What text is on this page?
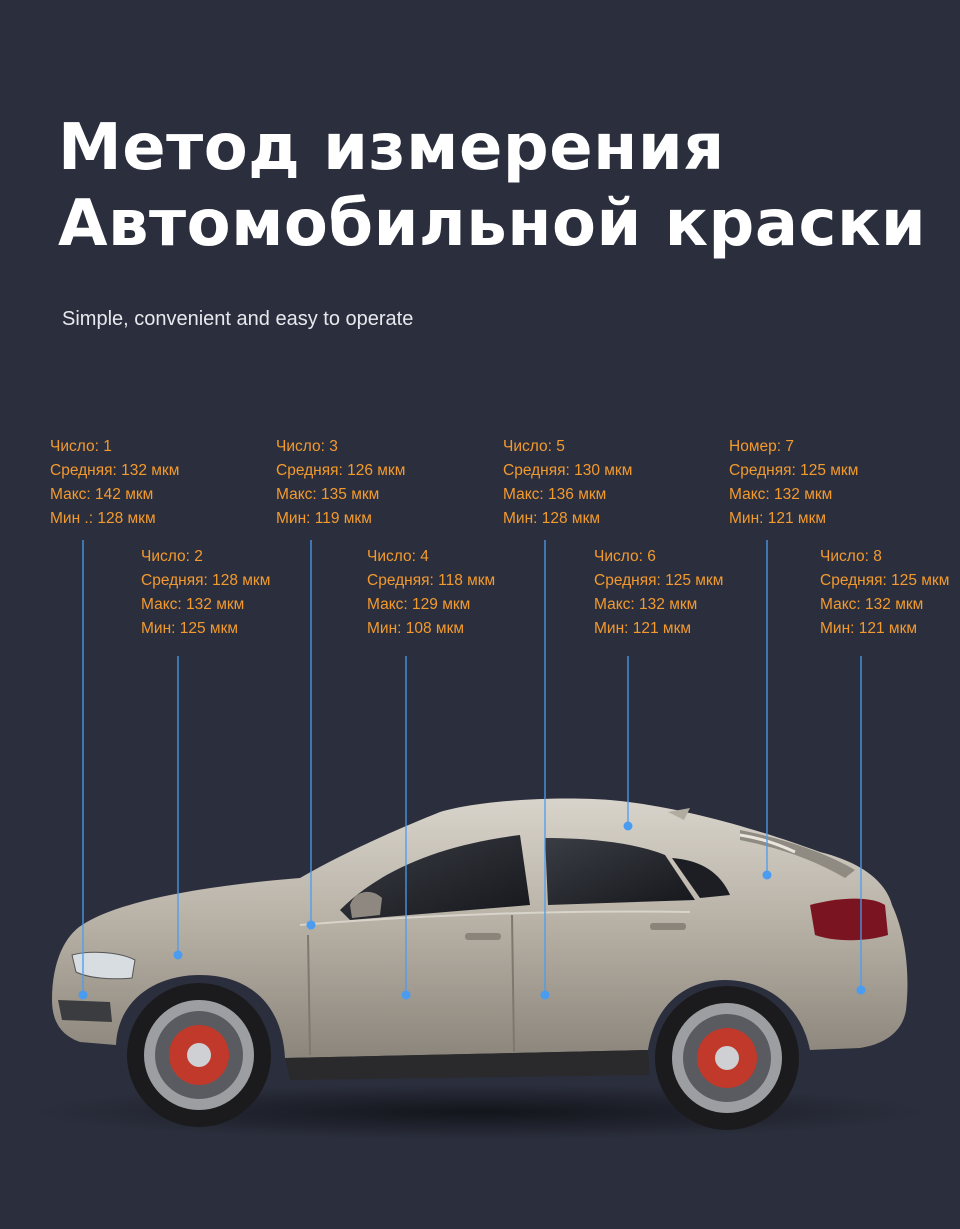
Метод измерения
Автомобильной краски
Simple, convenient and easy to operate
Число: 1
Средняя: 132 мкм
Макс: 142 мкм
Мин .: 128 мкм
Число: 2
Средняя: 128 мкм
Макс: 132 мкм
Мин: 125 мкм
Число: 3
Средняя: 126 мкм
Макс: 135 мкм
Мин: 119 мкм
Число: 4
Средняя: 118 мкм
Макс: 129 мкм
Мин: 108 мкм
Число: 5
Средняя: 130 мкм
Макс: 136 мкм
Мин: 128 мкм
Число: 6
Средняя: 125 мкм
Макс: 132 мкм
Мин: 121 мкм
Номер: 7
Средняя: 125 мкм
Макс: 132 мкм
Мин: 121 мкм
Число: 8
Средняя: 125 мкм
Макс: 132 мкм
Мин: 121 мкм
